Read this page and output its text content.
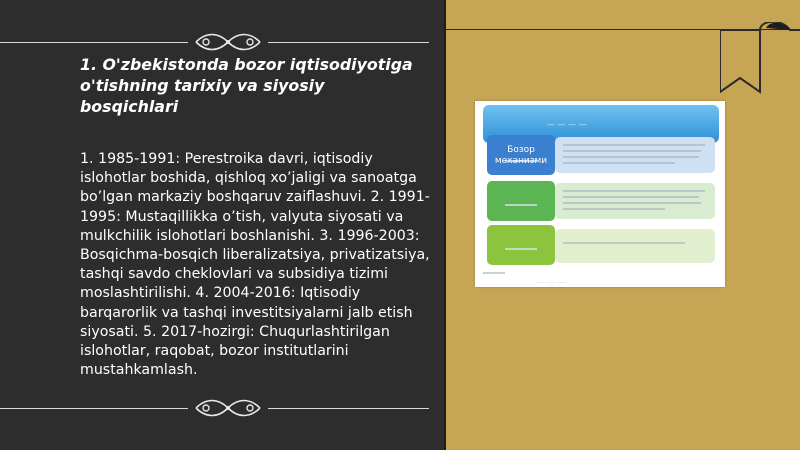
1. O'zbekistonda bozor iqtisodiyotiga o'tishning tarixiy va siyosiy bosqichlari
1. 1985-1991: Perestroika davri, iqtisodiy islohotlar boshida, qishloq xo’jaligi va sanoatga bo’lgan markaziy boshqaruv zaiflashuvi. 2. 1991-1995: Mustaqillikka o’tish, valyuta siyosati va mulkchilik islohotlari boshlanishi. 3. 1996-2003: Bosqichma-bosqich liberalizatsiya, privatizatsiya, tashqi savdo cheklovlari va subsidiya tizimi moslashtirilishi. 4. 2004-2016: Iqtisodiy barqarorlik va tashqi investitsiyalarni jalb etish siyosati. 5. 2017-hozirgi: Chuqurlashtirilgan islohotlar, raqobat, bozor institutlarini mustahkamlash.
— — — —
— — —
Бозор механизми
